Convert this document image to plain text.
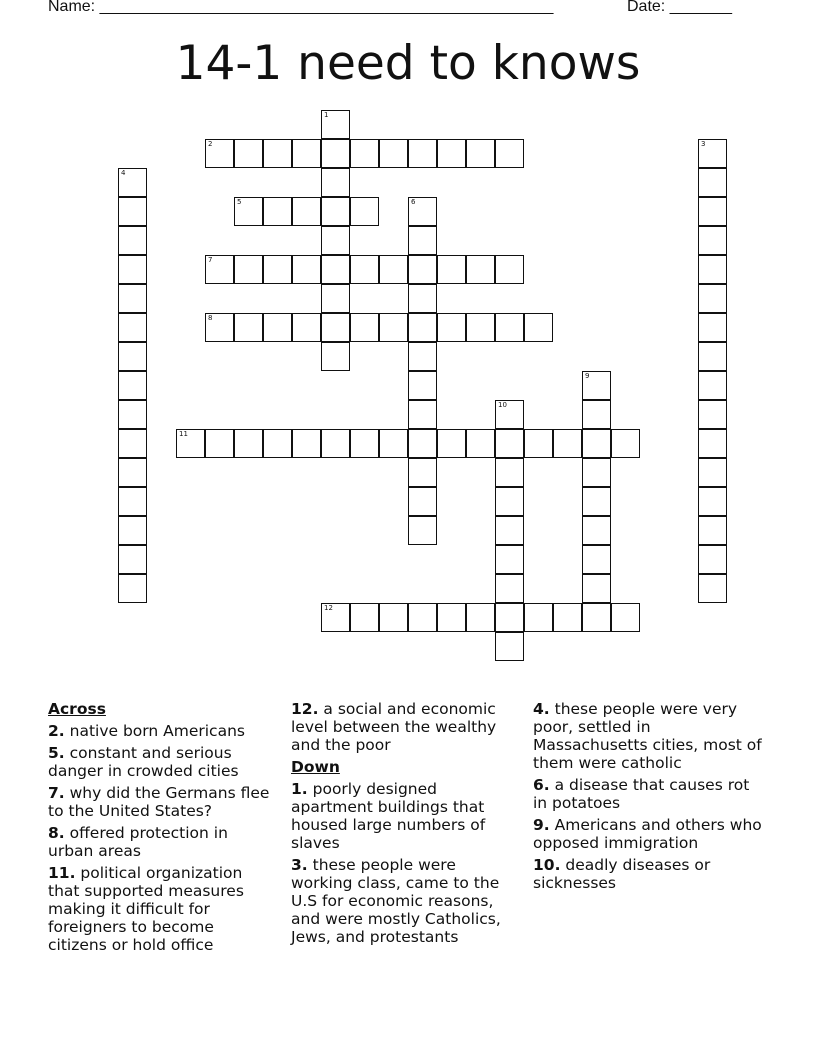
Name: ___________________________________________________	Date: _______
14-1 need to knows
1
2	3
4
5	6
7
8
9
10
11
12
Across
2. native born Americans
5. constant and serious danger in crowded cities
7. why did the Germans flee to the United States?
8. offered protection in urban areas
11. political organization that supported measures making it difficult for foreigners to become citizens or hold office
12. a social and economic level between the wealthy and the poor
Down
1. poorly designed apartment buildings that housed large numbers of slaves
3. these people were working class, came to the U.S for economic reasons, and were mostly Catholics, Jews, and protestants
4. these people were very poor, settled in Massachusetts cities, most of them were catholic
6. a disease that causes rot in potatoes
9. Americans and others who opposed immigration
10. deadly diseases or sicknesses
